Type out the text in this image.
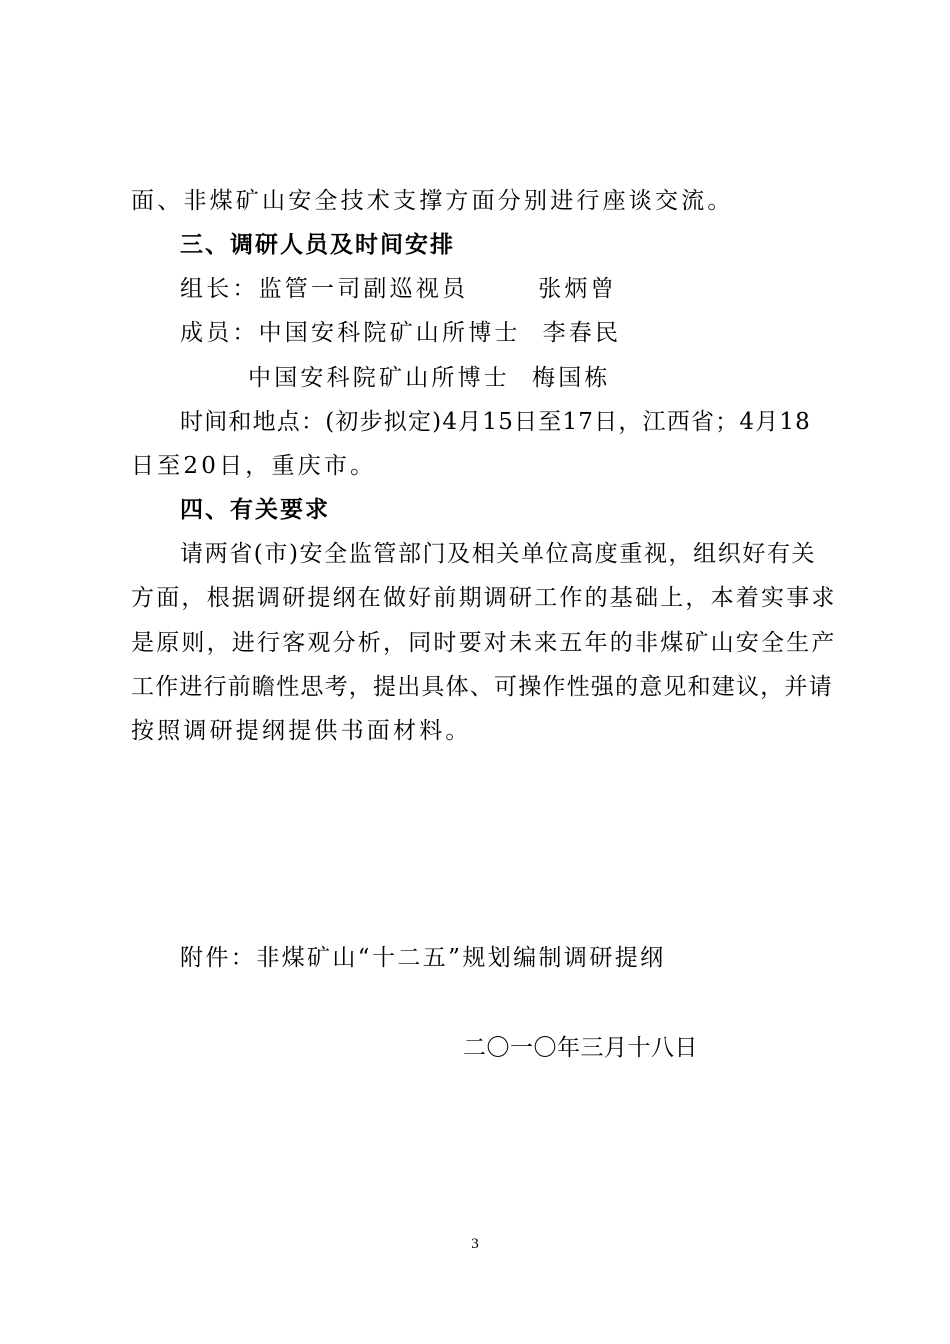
面、非煤矿山安全技术支撑方面分别进行座谈交流。
三、调研人员及时间安排
组长：监管一司副巡视员	张炳曾
成员：中国安科院矿山所博士 李春民
中国安科院矿山所博士 梅国栋
时间和地点：(初步拟定)4月15日至17日，江西省；4月18
日至20日，重庆市。
四、有关要求
请两省(市)安全监管部门及相关单位高度重视，组织好有关
方面，根据调研提纲在做好前期调研工作的基础上，本着实事求
是原则，进行客观分析，同时要对未来五年的非煤矿山安全生产
工作进行前瞻性思考，提出具体、可操作性强的意见和建议，并请
按照调研提纲提供书面材料。
附件：非煤矿山“十二五”规划编制调研提纲
二〇一〇年三月十八日
3
